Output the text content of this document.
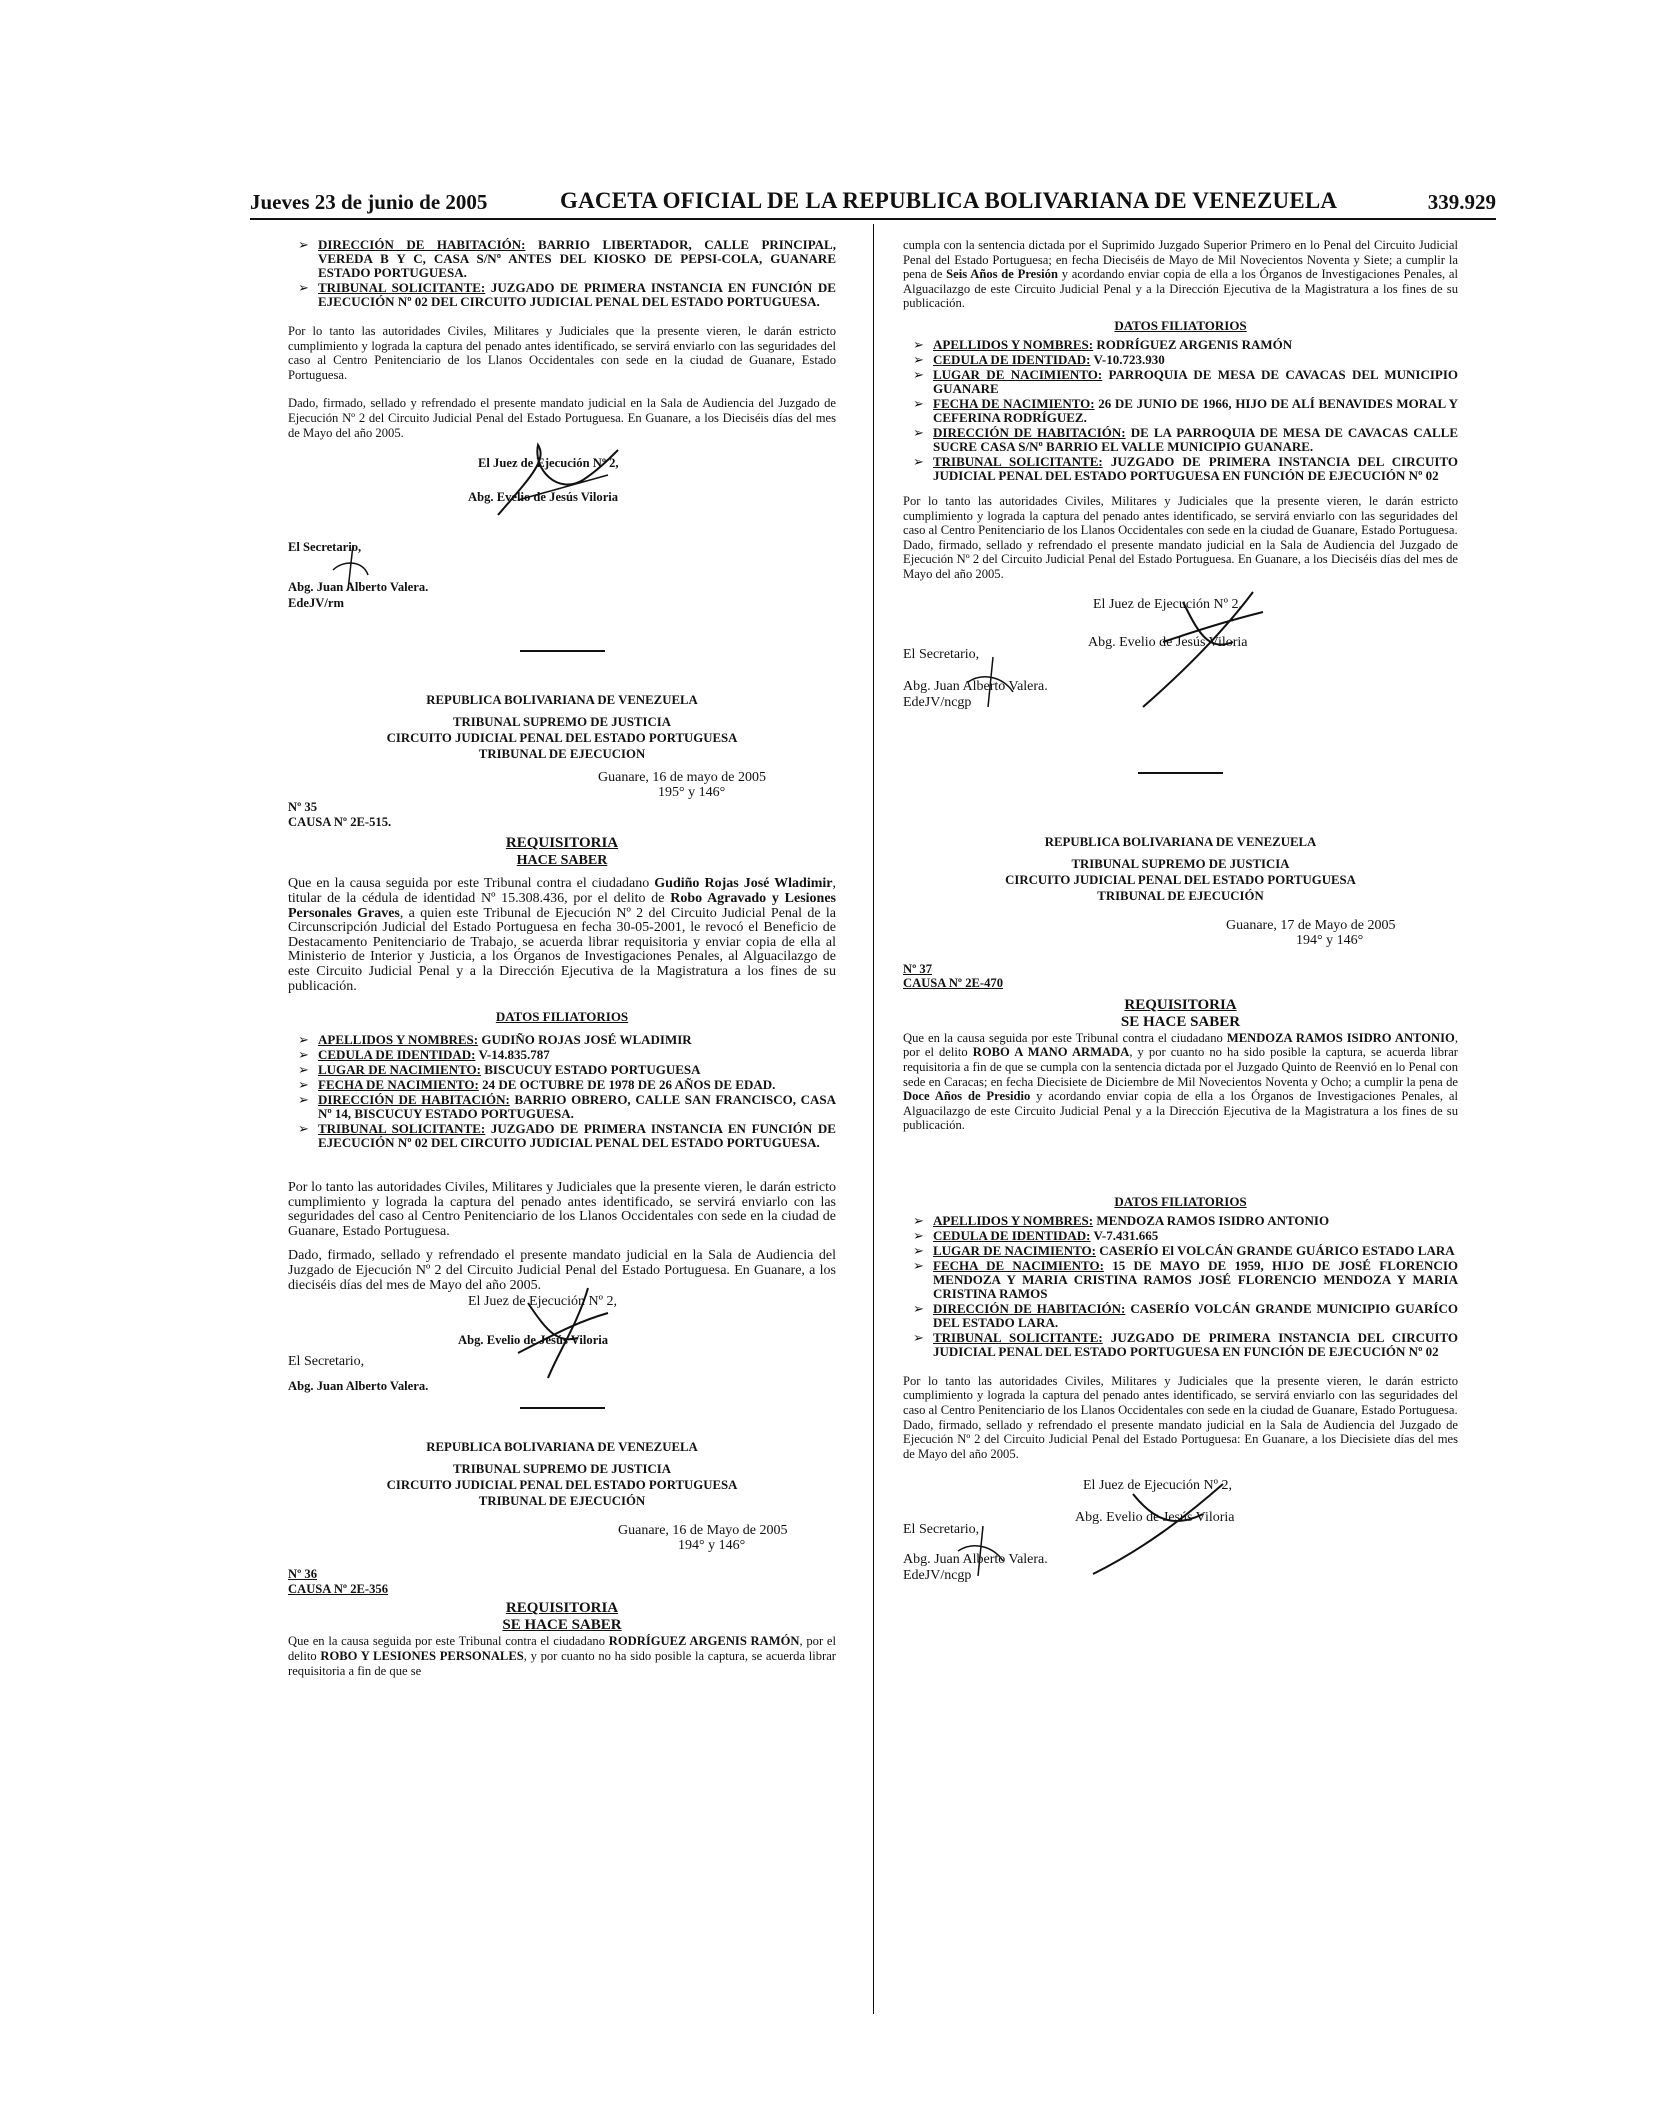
Jueves 23 de junio de 2005	GACETA OFICIAL DE LA REPUBLICA BOLIVARIANA DE VENEZUELA	339.929
➢ DIRECCIÓN DE HABITACIÓN: BARRIO LIBERTADOR, CALLE PRINCIPAL, VEREDA B Y C, CASA S/Nº ANTES DEL KIOSKO DE PEPSI-COLA, GUANARE ESTADO PORTUGUESA.
➢ TRIBUNAL SOLICITANTE: JUZGADO DE PRIMERA INSTANCIA EN FUNCIÓN DE EJECUCIÓN Nº 02 DEL CIRCUITO JUDICIAL PENAL DEL ESTADO PORTUGUESA.

Por lo tanto las autoridades Civiles, Militares y Judiciales que la presente vieren, le darán estricto cumplimiento y lograda la captura del penado antes identificado, se servirá enviarlo con las seguridades del caso al Centro Penitenciario de los Llanos Occidentales con sede en la ciudad de Guanare, Estado Portuguesa.

Dado, firmado, sellado y refrendado el presente mandato judicial en la Sala de Audiencia del Juzgado de Ejecución Nº 2 del Circuito Judicial Penal del Estado Portuguesa. En Guanare, a los Dieciséis días del mes de Mayo del año 2005.

El Juez de Ejecución Nº 2,
Abg. Evelio de Jesús Viloria
El Secretario,
Abg. Juan Alberto Valera.
EdeJV/rm
REPUBLICA BOLIVARIANA DE VENEZUELA
TRIBUNAL SUPREMO DE JUSTICIA
CIRCUITO JUDICIAL PENAL DEL ESTADO PORTUGUESA
TRIBUNAL DE EJECUCION
Guanare, 16 de mayo de 2005
195° y 146°
Nº 35
CAUSA Nº 2E-515.
REQUISITORIA
HACE SABER

Que en la causa seguida por este Tribunal contra el ciudadano Gudiño Rojas José Wladimir, titular de la cédula de identidad Nº 15.308.436, por el delito de Robo Agravado y Lesiones Personales Graves, a quien este Tribunal de Ejecución Nº 2 del Circuito Judicial Penal de la Circunscripción Judicial del Estado Portuguesa en fecha 30-05-2001, le revocó el Beneficio de Destacamento Penitenciario de Trabajo, se acuerda librar requisitoria y enviar copia de ella al Ministerio de Interior y Justicia, a los Órganos de Investigaciones Penales, al Alguacilazgo de este Circuito Judicial Penal y a la Dirección Ejecutiva de la Magistratura a los fines de su publicación.

DATOS FILIATORIOS
➢ APELLIDOS Y NOMBRES: GUDIÑO ROJAS JOSÉ WLADIMIR
➢ CEDULA DE IDENTIDAD: V-14.835.787
➢ LUGAR DE NACIMIENTO: BISCUCUY ESTADO PORTUGUESA
➢ FECHA DE NACIMIENTO: 24 DE OCTUBRE DE 1978 DE 26 AÑOS DE EDAD.
➢ DIRECCIÓN DE HABITACIÓN: BARRIO OBRERO, CALLE SAN FRANCISCO, CASA Nº 14, BISCUCUY ESTADO PORTUGUESA.
➢ TRIBUNAL SOLICITANTE: JUZGADO DE PRIMERA INSTANCIA EN FUNCIÓN DE EJECUCIÓN Nº 02 DEL CIRCUITO JUDICIAL PENAL DEL ESTADO PORTUGUESA.

Por lo tanto las autoridades Civiles, Militares y Judiciales que la presente vieren, le darán estricto cumplimiento y lograda la captura del penado antes identificado, se servirá enviarlo con las seguridades del caso al Centro Penitenciario de los Llanos Occidentales con sede en la ciudad de Guanare, Estado Portuguesa.

Dado, firmado, sellado y refrendado el presente mandato judicial en la Sala de Audiencia del Juzgado de Ejecución Nº 2 del Circuito Judicial Penal del Estado Portuguesa. En Guanare, a los dieciséis días del mes de Mayo del año 2005.

El Juez de Ejecución Nº 2,
Abg. Evelio de Jesús Viloria
El Secretario,
Abg. Juan Alberto Valera.
REPUBLICA BOLIVARIANA DE VENEZUELA
TRIBUNAL SUPREMO DE JUSTICIA
CIRCUITO JUDICIAL PENAL DEL ESTADO PORTUGUESA
TRIBUNAL DE EJECUCIÓN
Guanare, 16 de Mayo de 2005
194° y 146°
Nº 36
CAUSA Nº 2E-356
REQUISITORIA
SE HACE SABER

Que en la causa seguida por este Tribunal contra el ciudadano RODRÍGUEZ ARGENIS RAMÓN, por el delito ROBO Y LESIONES PERSONALES, y por cuanto no ha sido posible la captura, se acuerda librar requisitoria a fin de que se

cumpla con la sentencia dictada por el Suprimido Juzgado Superior Primero en lo Penal del Circuito Judicial Penal del Estado Portuguesa; en fecha Dieciséis de Mayo de Mil Novecientos Noventa y Siete; a cumplir la pena de Seis Años de Presión y acordando enviar copia de ella a los Órganos de Investigaciones Penales, al Alguacilazgo de este Circuito Judicial Penal y a la Dirección Ejecutiva de la Magistratura a los fines de su publicación.

DATOS FILIATORIOS
➢ APELLIDOS Y NOMBRES: RODRÍGUEZ ARGENIS RAMÓN
➢ CEDULA DE IDENTIDAD: V-10.723.930
➢ LUGAR DE NACIMIENTO: PARROQUIA DE MESA DE CAVACAS DEL MUNICIPIO GUANARE
➢ FECHA DE NACIMIENTO: 26 DE JUNIO DE 1966, HIJO DE ALÍ BENAVIDES MORAL Y CEFERINA RODRÍGUEZ.
➢ DIRECCIÓN DE HABITACIÓN: DE LA PARROQUIA DE MESA DE CAVACAS CALLE SUCRE CASA S/Nº BARRIO EL VALLE MUNICIPIO GUANARE.
➢ TRIBUNAL SOLICITANTE: JUZGADO DE PRIMERA INSTANCIA DEL CIRCUITO JUDICIAL PENAL DEL ESTADO PORTUGUESA EN FUNCIÓN DE EJECUCIÓN Nº 02

Por lo tanto las autoridades Civiles, Militares y Judiciales que la presente vieren, le darán estricto cumplimiento y lograda la captura del penado antes identificado, se servirá enviarlo con las seguridades del caso al Centro Penitenciario de los Llanos Occidentales con sede en la ciudad de Guanare, Estado Portuguesa.

Dado, firmado, sellado y refrendado el presente mandato judicial en la Sala de Audiencia del Juzgado de Ejecución Nº 2 del Circuito Judicial Penal del Estado Portuguesa. En Guanare, a los Dieciséis días del mes de Mayo del año 2005.

El Juez de Ejecución Nº 2,
Abg. Evelio de Jesús Viloria
El Secretario,
Abg. Juan Alberto Valera.
EdeJV/ncgp
REPUBLICA BOLIVARIANA DE VENEZUELA
TRIBUNAL SUPREMO DE JUSTICIA
CIRCUITO JUDICIAL PENAL DEL ESTADO PORTUGUESA
TRIBUNAL DE EJECUCIÓN
Guanare, 17 de Mayo de 2005
194° y 146°
Nº 37
CAUSA Nº 2E-470
REQUISITORIA
SE HACE SABER

Que en la causa seguida por este Tribunal contra el ciudadano MENDOZA RAMOS ISIDRO ANTONIO, por el delito ROBO A MANO ARMADA, y por cuanto no ha sido posible la captura, se acuerda librar requisitoria a fin de que se cumpla con la sentencia dictada por el Juzgado Quinto de Reenvió en lo Penal con sede en Caracas; en fecha Diecisiete de Diciembre de Mil Novecientos Noventa y Ocho; a cumplir la pena de Doce Años de Presidio y acordando enviar copia de ella a los Órganos de Investigaciones Penales, al Alguacilazgo de este Circuito Judicial Penal y a la Dirección Ejecutiva de la Magistratura a los fines de su publicación.

DATOS FILIATORIOS
➢ APELLIDOS Y NOMBRES: MENDOZA RAMOS ISIDRO ANTONIO
➢ CEDULA DE IDENTIDAD: V-7.431.665
➢ LUGAR DE NACIMIENTO: CASERÍO El VOLCÁN GRANDE GUÁRICO ESTADO LARA
➢ FECHA DE NACIMIENTO: 15 DE MAYO DE 1959, HIJO DE JOSÉ FLORENCIO MENDOZA Y MARIA CRISTINA RAMOS JOSÉ FLORENCIO MENDOZA Y MARIA CRISTINA RAMOS
➢ DIRECCIÓN DE HABITACIÓN: CASERÍO VOLCÁN GRANDE MUNICIPIO GUARÍCO DEL ESTADO LARA.
➢ TRIBUNAL SOLICITANTE: JUZGADO DE PRIMERA INSTANCIA DEL CIRCUITO JUDICIAL PENAL DEL ESTADO PORTUGUESA EN FUNCIÓN DE EJECUCIÓN Nº 02

Por lo tanto las autoridades Civiles, Militares y Judiciales que la presente vieren, le darán estricto cumplimiento y lograda la captura del penado antes identificado, se servirá enviarlo con las seguridades del caso al Centro Penitenciario de los Llanos Occidentales con sede en la ciudad de Guanare, Estado Portuguesa.

Dado, firmado, sellado y refrendado el presente mandato judicial en la Sala de Audiencia del Juzgado de Ejecución Nº 2 del Circuito Judicial Penal del Estado Portuguesa: En Guanare, a los Diecisiete días del mes de Mayo del año 2005.

El Juez de Ejecución Nº 2,
Abg. Evelio de Jesús Viloria
El Secretario,
Abg. Juan Alberto Valera.
EdeJV/ncgp
